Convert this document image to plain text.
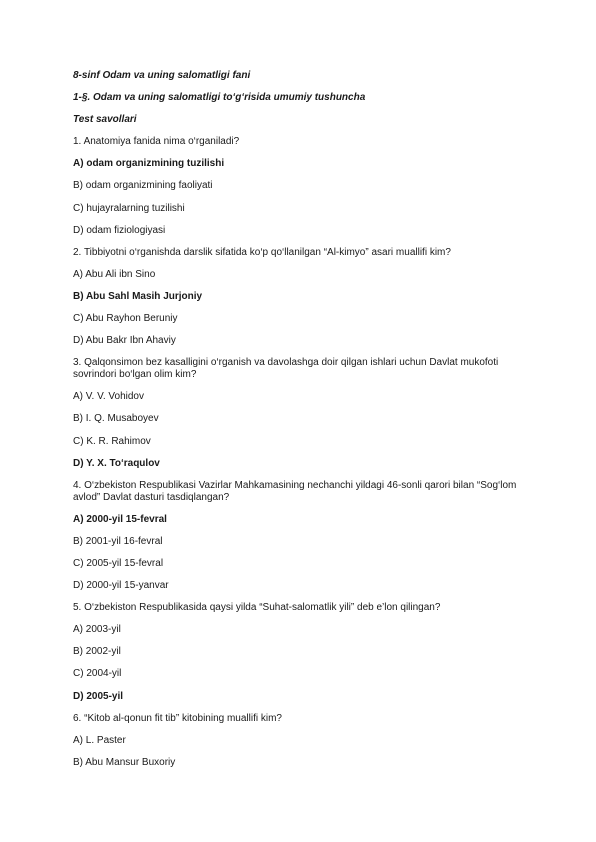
8-sinf Odam va uning salomatligi fani
1-§. Odam va uning salomatligi to‘g‘risida umumiy tushuncha
Test savollari
1. Anatomiya fanida nima o‘rganiladi?
A) odam organizmining tuzilishi
B) odam organizmining faoliyati
C) hujayralarning tuzilishi
D) odam fiziologiyasi
2. Tibbiyotni o‘rganishda darslik sifatida ko‘p qo‘llanilgan “Al-kimyo” asari muallifi kim?
A) Abu Ali ibn Sino
B) Abu Sahl Masih Jurjoniy
C) Abu Rayhon Beruniy
D) Abu Bakr Ibn Ahaviy
3. Qalqonsimon bez kasalligini o‘rganish va davolashga doir qilgan ishlari uchun Davlat mukofoti sovrindori bo‘lgan olim kim?
A) V. V. Vohidov
B) I. Q. Musaboyev
C) K. R. Rahimov
D) Y. X. To‘raqulov
4. O‘zbekiston Respublikasi Vazirlar Mahkamasining nechanchi yildagi 46-sonli qarori bilan “Sog‘lom avlod” Davlat dasturi tasdiqlangan?
A) 2000-yil 15-fevral
B) 2001-yil 16-fevral
C) 2005-yil 15-fevral
D) 2000-yil 15-yanvar
5. O‘zbekiston Respublikasida qaysi yilda “Suhat-salomatlik yili” deb e’lon qilingan?
A) 2003-yil
B) 2002-yil
C) 2004-yil
D) 2005-yil
6. “Kitob al-qonun fit tib” kitobining muallifi kim?
A) L. Paster
B) Abu Mansur Buxoriy
